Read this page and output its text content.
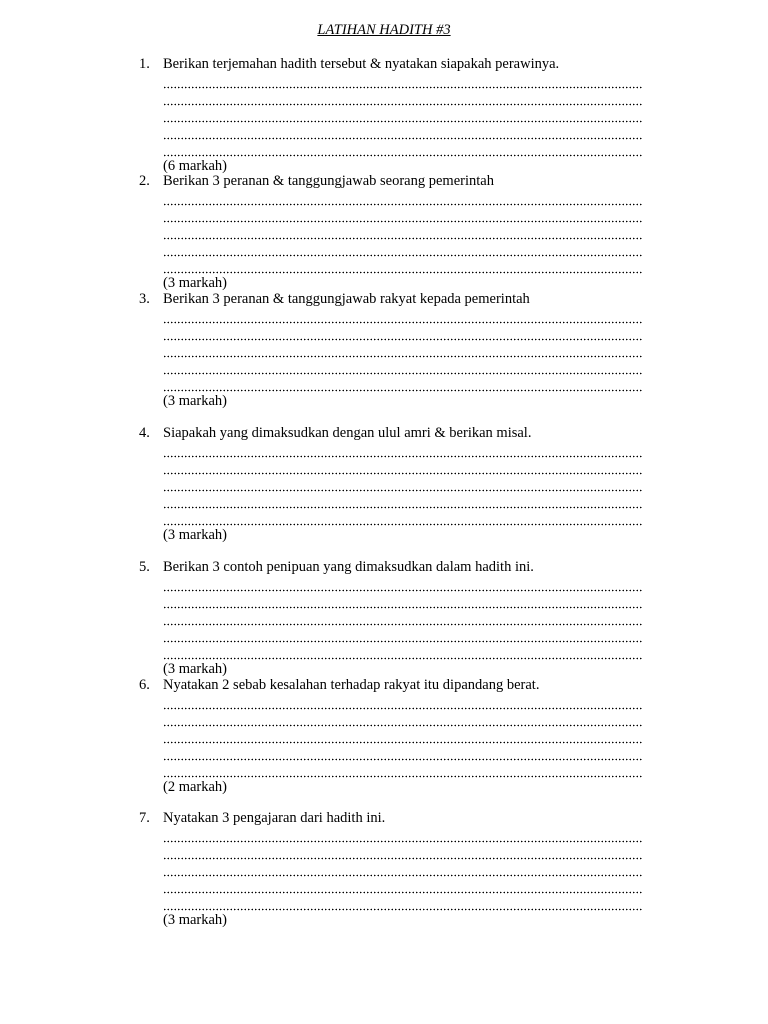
LATIHAN HADITH #3
1. Berikan terjemahan hadith tersebut & nyatakan siapakah perawinya.
(6 markah)
2. Berikan 3 peranan & tanggungjawab seorang pemerintah
(3 markah)
3. Berikan 3 peranan & tanggungjawab rakyat kepada pemerintah
(3 markah)
4. Siapakah yang dimaksudkan dengan ulul amri & berikan misal.
(3 markah)
5. Berikan 3 contoh penipuan yang dimaksudkan dalam hadith ini.
(3 markah)
6. Nyatakan 2 sebab kesalahan terhadap rakyat itu dipandang berat.
(2 markah)
7. Nyatakan 3 pengajaran dari hadith ini.
(3 markah)
